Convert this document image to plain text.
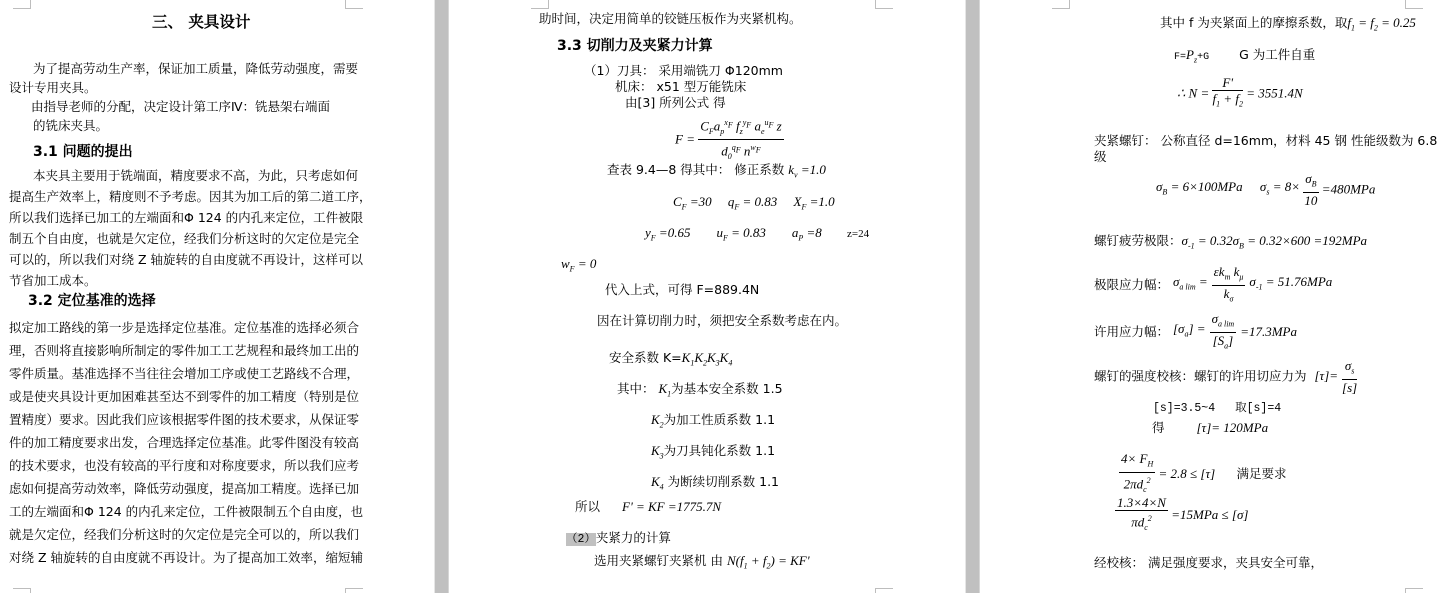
三、 夹具设计
为了提高劳动生产率，保证加工质量，降低劳动强度，需要
设计专用夹具。
由指导老师的分配，决定设计第工序Ⅳ：铣悬架右端面
的铣床夹具。
3.1 问题的提出
本夹具主要用于铣端面，精度要求不高，为此，只考虑如何
提高生产效率上，精度则不予考虑。因其为加工后的第二道工序，
所以我们选择已加工的左端面和Φ 124 的内孔来定位，工件被限
制五个自由度，也就是欠定位，经我们分析这时的欠定位是完全
可以的，所以我们对绕 Z 轴旋转的自由度就不再设计，这样可以
节省加工成本。
3.2 定位基准的选择
拟定加工路线的第一步是选择定位基准。定位基准的选择必须合
理，否则将直接影响所制定的零件加工工艺规程和最终加工出的
零件质量。基准选择不当往往会增加工序或使工艺路线不合理，
或是使夹具设计更加困难甚至达不到零件的加工精度（特别是位
置精度）要求。因此我们应该根据零件图的技术要求，从保证零
件的加工精度要求出发，合理选择定位基准。此零件图没有较高
的技术要求，也没有较高的平行度和对称度要求，所以我们应考
虑如何提高劳动效率，降低劳动强度，提高加工精度。选择已加
工的左端面和Φ 124 的内孔来定位，工件被限制五个自由度，也
就是欠定位，经我们分析这时的欠定位是完全可以的，所以我们
对绕 Z 轴旋转的自由度就不再设计。为了提高加工效率，缩短辅
助时间，决定用简单的铰链压板作为夹紧机构。
3.3 切削力及夹紧力计算
（1）刀具： 采用端铣刀 Φ120mm
机床： x51 型万能铣床
由[3] 所列公式 得
$F = \frac{C_Fa_p^{x_F} f_z^{y_F} a_e^{u_F} z}{d_0^{q_F} n^{w_F}}$
查表 9.4—8 得其中： 修正系数 $k_v =1.0$
$C_F =30$     $q_F = 0.83$     $X_F =1.0$
$y_F =0.65$        $u_F = 0.83$        $a_P =8$ z=24
$w_F = 0$
代入上式，可得 F=889.4N
因在计算切削力时，须把安全系数考虑在内。
安全系数 $K=K_1K_2K_3K_4$
其中： $K_1$为基本安全系数 1.5
$K_2$为加工性质系数 1.1
$K_3$为刀具钝化系数 1.1
$K_4$ 为断续切削系数 1.1
所以 F' = KF =1775.7N
（2）夹紧力的计算
选用夹紧螺钉夹紧机 由 $N(f_1 + f_2) = KF'$
其中 f 为夹紧面上的摩擦系数，取$f_1 = f_2 = 0.25$
$F=P_z+G$ G 为工件自重
∴ $N = \frac{F'}{f_1 + f_2} = 3551.4N$
夹紧螺钉： 公称直径 d=16mm，材料 45 钢 性能级数为 6.8
级
$\sigma_B = 6\times 100MPa$ $\sigma_s = 8\times \frac{\sigma_B}{10} =480MPa$
螺钉疲劳极限：$\sigma_{-1} = 0.32\sigma_B = 0.32\times 600 =192MPa$
极限应力幅： $\sigma_{a lim} = \frac{\varepsilon k_m k_\mu}{k_\sigma} \sigma_{-1} = 51.76MPa$
许用应力幅： $[\sigma_a] = \frac{\sigma_{a lim}}{[S_a]} =17.3MPa$
螺钉的强度校核：螺钉的许用切应力为 $[\tau]= \frac{\sigma_s}{[s]}$
[s]=3.5~4 取[s]=4
得 [τ]= 120MPa
$\frac{4\times F_H}{2\pi d_c^2} = 2.8 \le [\tau]$ 满足要求
$\frac{1.3\times 4\times N}{\pi d_c^2} =15MPa \le [\sigma]$
经校核： 满足强度要求，夹具安全可靠，
